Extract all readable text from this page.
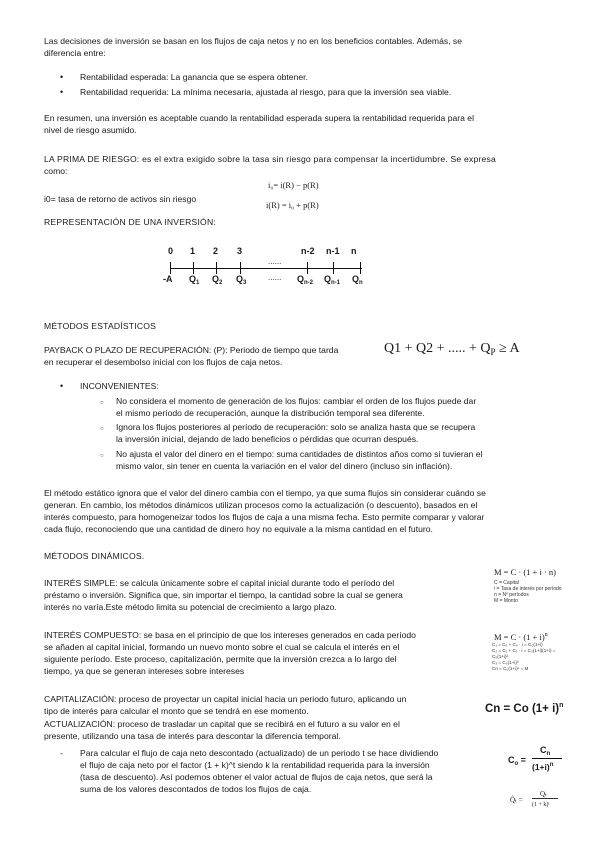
Las decisiones de inversión se basan en los flujos de caja netos y no en los beneficios contables. Además, se

diferencia entre:

•

Rentabilidad esperada: La ganancia que se espera obtener.

•

Rentabilidad requerida: La mínima necesaria, ajustada al riesgo, para que la inversión sea viable.

En resumen, una inversión es aceptable cuando la rentabilidad esperada supera la rentabilidad requerida para el

nivel de riesgo asumido.

LA PRIMA DE RIESGO: es el extra exigido sobre la tasa sin riesgo para compensar la incertidumbre. Se expresa

como:

i₀= i(R) − p(R)
i0= tasa de retorno de activos sin riesgo
i(R) = i₀ + p(R)

REPRESENTACIÓN DE UNA INVERSIÓN:

0 1 2 3	n-2 n-1 n
......
......
-A $Q_1$ $Q_2$ $Q_3$	$Q_{n-2}$ $Q_{n-1}$ $Q_n$

MÉTODOS ESTADÍSTICOS

PAYBACK O PLAZO DE RECUPERACIÓN: (P): Periodo de tiempo que tarda

en recuperar el desembolso inicial con los flujos de caja netos.

Q1 + Q2 + ..... + $Q_P \ge A$
•

INCONVENIENTES:

○

No considera el momento de generación de los flujos: cambiar el orden de los flujos puede dar

el mismo período de recuperación, aunque la distribución temporal sea diferente.

○

Ignora los flujos posteriores al período de recuperación: solo se analiza hasta que se recupera

la inversión inicial, dejando de lado beneficios o pérdidas que ocurran después.

○

No ajusta el valor del dinero en el tiempo: suma cantidades de distintos años como si tuvieran el

mismo valor, sin tener en cuenta la variación en el valor del dinero (incluso sin inflación).

El método estático ignora que el valor del dinero cambia con el tiempo, ya que suma flujos sin considerar cuándo se

generan. En cambio, los métodos dinámicos utilizan procesos como la actualización (o descuento), basados en el

interés compuesto, para homogeneizar todos los flujos de caja a una misma fecha. Esto permite comparar y valorar

cada flujo, reconociendo que una cantidad de dinero hoy no equivale a la misma cantidad en el futuro.

MÉTODOS DINÁMICOS.

INTERÉS SIMPLE: se calcula únicamente sobre el capital inicial durante todo el período del

préstamo o inversión. Significa que, sin importar el tiempo, la cantidad sobre la cual se genera

interés no varía.Este método limita su potencial de crecimiento a largo plazo.

M = C · (1 + i · n)
C = Capital
i = Tasa de interés por período
n = Nº períodos
M = Monto

INTERÉS COMPUESTO: se basa en el principio de que los intereses generados en cada período

se añaden al capital inicial, formando un nuevo monto sobre el cual se calcula el interés en el

siguiente período. Este proceso, capitalización, permite que la inversión crezca a lo largo del

tiempo, ya que se generan intereses sobre intereses

$M = C \cdot (1 + i)^n$
C₁ = C₀ + C₀ · i = C₀(1+i)
C₂ = C₁ + C₁ · i = C₀(1+i)(1+i) = C₀(1+i)²
C₃ = C₀(1+i)³
Cn = C₀(1+i)ⁿ = M

CAPITALIZACIÓN: proceso de proyectar un capital inicial hacia un periodo futuro, aplicando un

tipo de interés para calcular el monto que se tendrá en ese momento.	Cn = Co $(1+ i)^n$

ACTUALIZACIÓN: proceso de trasladar un capital que se recibirá en el futuro a su valor en el

presente, utilizando una tasa de interés para descontar la diferencia temporal.

-	Para calcular el flujo de caja neto descontado (actualizado) de un periodo t se hace dividiendo

el flujo de caja neto por el factor (1 + k)^t siendo k la rentabilidad requerida para la inversión

(tasa de descuento). Así podemos obtener el valor actual de flujos de caja netos, que será la

suma de los valores descontados de todos los flujos de caja.

$C_o$ =
$C_n$
$(1+i)^n$
Q̃ₜ =
Qₜ
(1 + k)ᵗ
